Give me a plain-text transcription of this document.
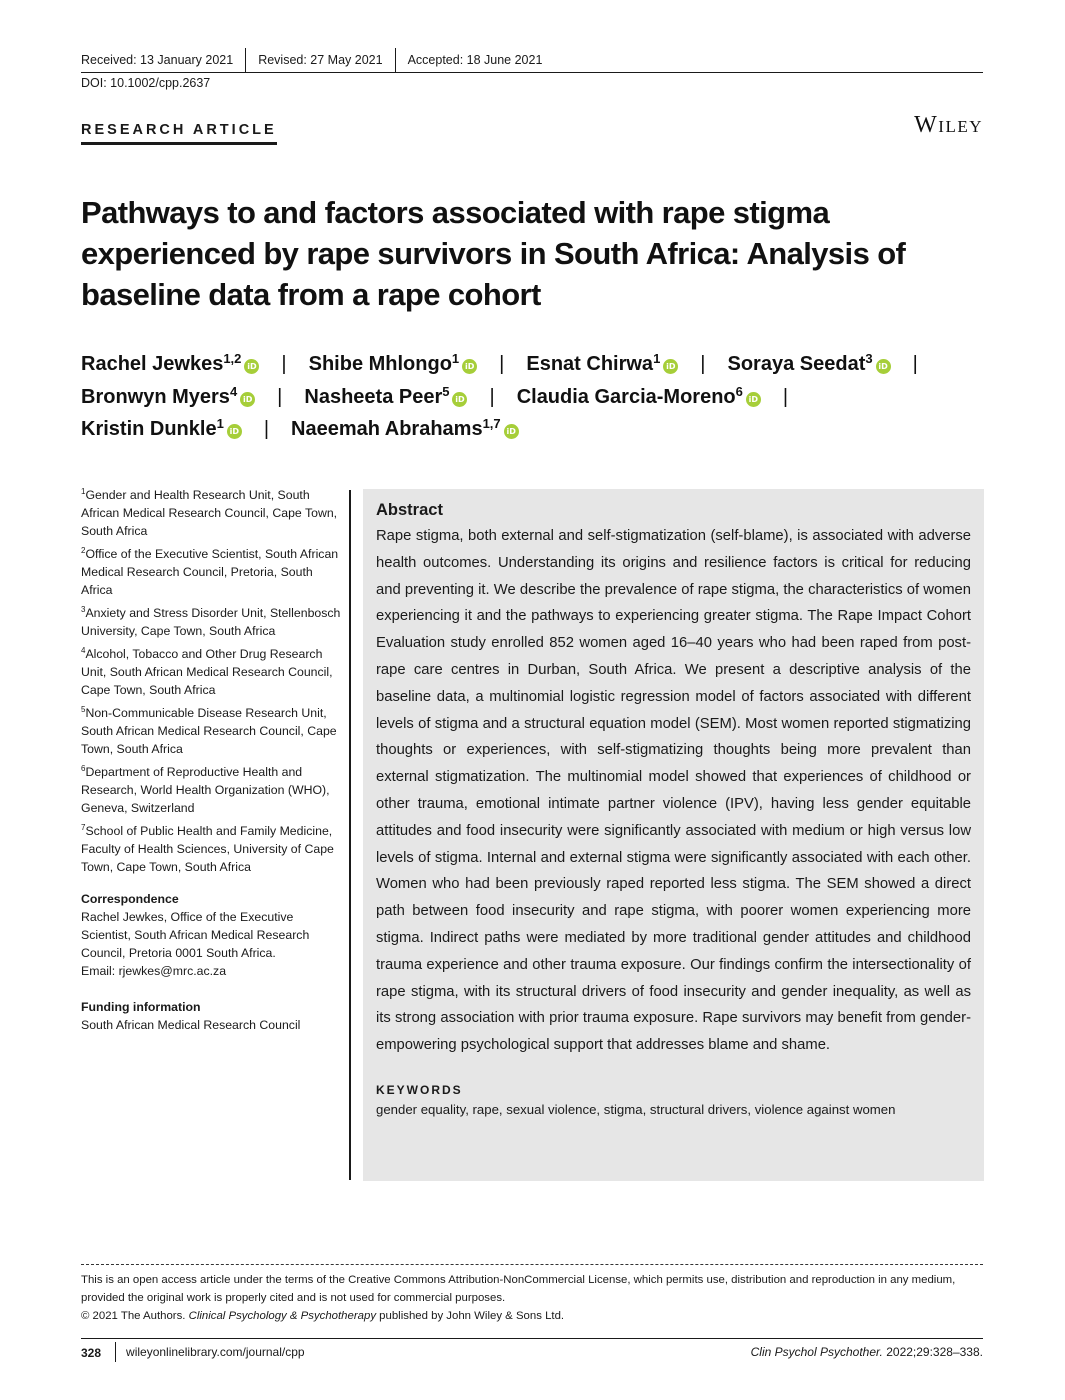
Received: 13 January 2021	Revised: 27 May 2021	Accepted: 18 June 2021
DOI: 10.1002/cpp.2637
RESEARCH ARTICLE	Wiley
Pathways to and factors associated with rape stigma experienced by rape survivors in South Africa: Analysis of baseline data from a rape cohort
Rachel Jewkes$^{1,2}$iD | Shibe Mhlongo$^1$iD | Esnat Chirwa$^1$iD | Soraya Seedat$^3$iD |
Bronwyn Myers$^4$iD | Nasheeta Peer$^5$iD | Claudia Garcia-Moreno$^6$iD |
Kristin Dunkle$^1$iD | Naeemah Abrahams$^{1,7}$iD
$^1$Gender and Health Research Unit, South African Medical Research Council, Cape Town, South Africa
$^2$Office of the Executive Scientist, South African Medical Research Council, Pretoria, South Africa
$^3$Anxiety and Stress Disorder Unit, Stellenbosch University, Cape Town, South Africa
$^4$Alcohol, Tobacco and Other Drug Research Unit, South African Medical Research Council, Cape Town, South Africa
$^5$Non-Communicable Disease Research Unit, South African Medical Research Council, Cape Town, South Africa
$^6$Department of Reproductive Health and Research, World Health Organization (WHO), Geneva, Switzerland
$^7$School of Public Health and Family Medicine, Faculty of Health Sciences, University of Cape Town, Cape Town, South Africa
Correspondence
Rachel Jewkes, Office of the Executive Scientist, South African Medical Research Council, Pretoria 0001 South Africa.
Email: rjewkes@mrc.ac.za
Funding information
South African Medical Research Council
Abstract

Rape stigma, both external and self-stigmatization (self-blame), is associated with adverse health outcomes. Understanding its origins and resilience factors is critical for reducing and preventing it. We describe the prevalence of rape stigma, the characteristics of women experiencing it and the pathways to experiencing greater stigma. The Rape Impact Cohort Evaluation study enrolled 852 women aged 16–40 years who had been raped from post-rape care centres in Durban, South Africa. We present a descriptive analysis of the baseline data, a multinomial logistic regression model of factors associated with different levels of stigma and a structural equation model (SEM). Most women reported stigmatizing thoughts or experiences, with self-stigmatizing thoughts being more prevalent than external stigmatization. The multinomial model showed that experiences of childhood or other trauma, emotional intimate partner violence (IPV), having less gender equitable attitudes and food insecurity were significantly associated with medium or high versus low levels of stigma. Internal and external stigma were significantly associated with each other. Women who had been previously raped reported less stigma. The SEM showed a direct path between food insecurity and rape stigma, with poorer women experiencing more stigma. Indirect paths were mediated by more traditional gender attitudes and childhood trauma experience and other trauma exposure. Our findings confirm the intersectionality of rape stigma, with its structural drivers of food insecurity and gender inequality, as well as its strong association with prior trauma exposure. Rape survivors may benefit from gender-empowering psychological support that addresses blame and shame.

KEYWORDS
gender equality, rape, sexual violence, stigma, structural drivers, violence against women
This is an open access article under the terms of the Creative Commons Attribution-NonCommercial License, which permits use, distribution and reproduction in any medium, provided the original work is properly cited and is not used for commercial purposes.
© 2021 The Authors. Clinical Psychology & Psychotherapy published by John Wiley & Sons Ltd.
328	wileyonlinelibrary.com/journal/cpp	Clin Psychol Psychother. 2022;29:328–338.
